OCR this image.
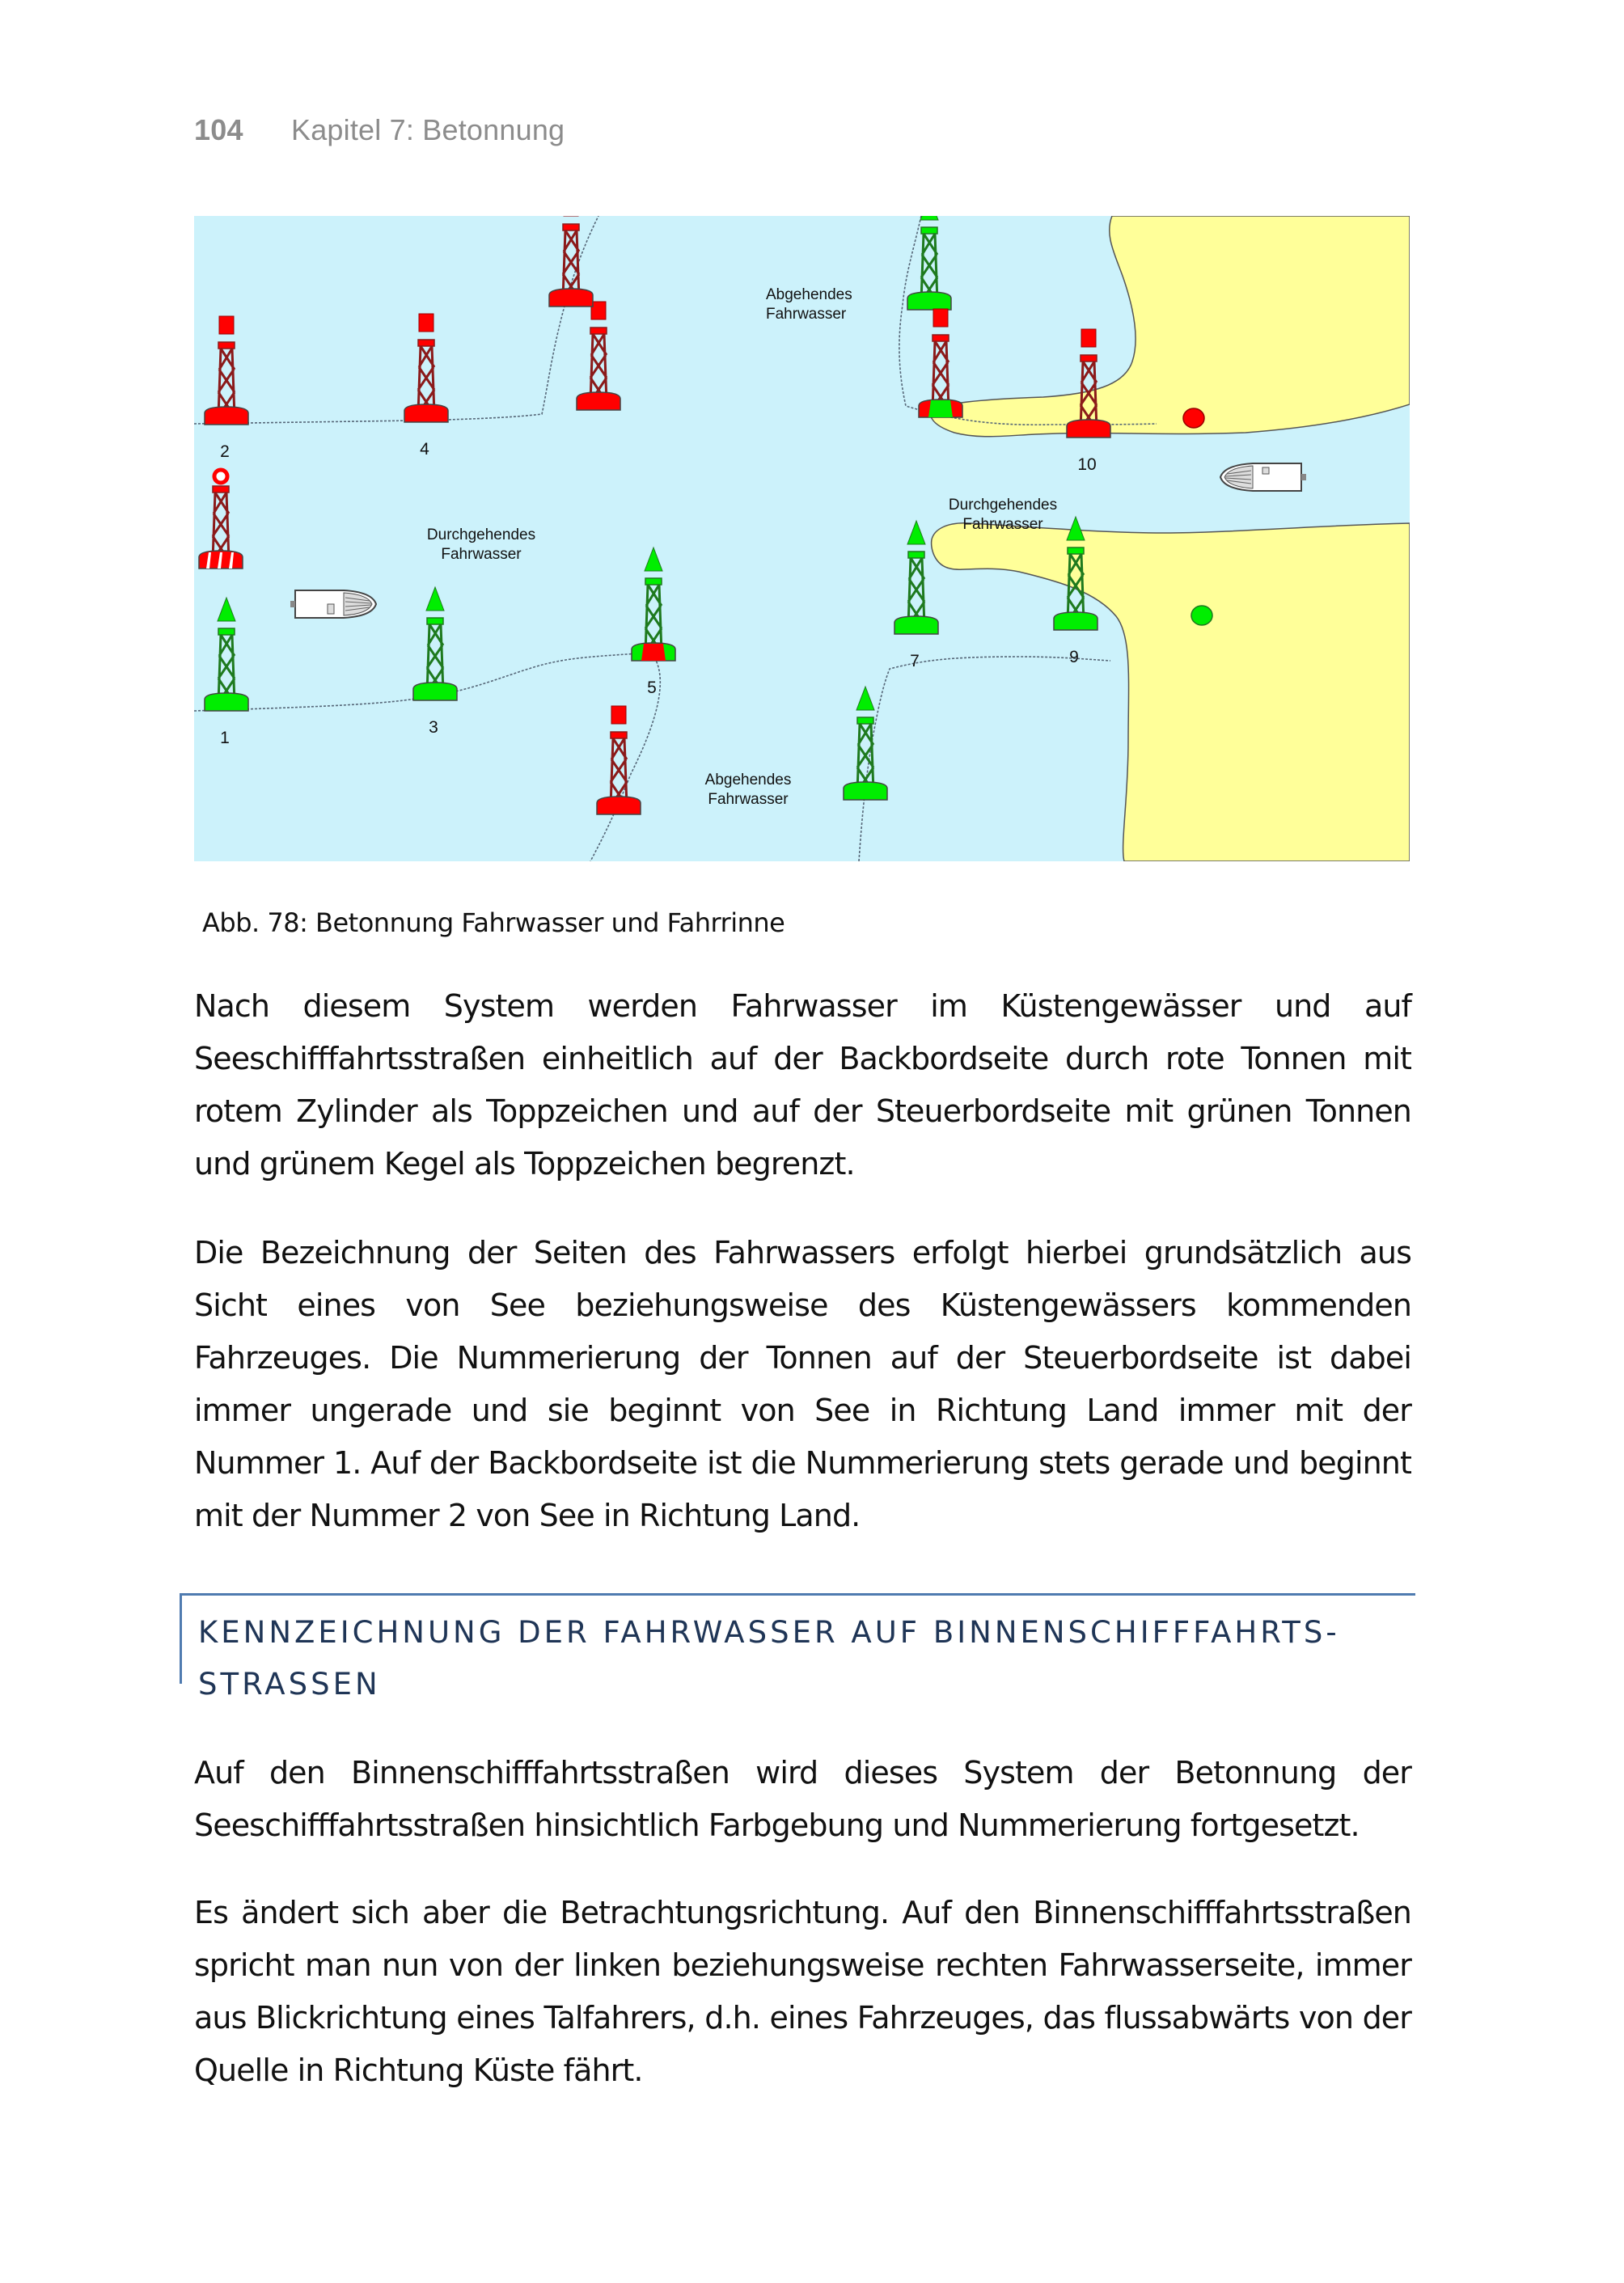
104 Kapitel 7: Betonnung
2	4
10
1
3
5
7	9
Abgehendes Fahrwasser
Durchgehendes Fahrwasser
Durchgehendes Fahrwasser
Abgehendes Fahrwasser
Abb. 78: Betonnung Fahrwasser und Fahrrinne

Nach diesem System werden Fahrwasser im Küstengewässer und auf Seeschifffahrtsstraßen einheitlich auf der Backbordseite durch rote Tonnen mit rotem Zylinder als Toppzeichen und auf der Steuerbordseite mit grünen Tonnen und grünem Kegel als Toppzeichen begrenzt.

Die Bezeichnung der Seiten des Fahrwassers erfolgt hierbei grundsätzlich aus Sicht eines von See beziehungsweise des Küstengewässers kommenden Fahrzeuges. Die Nummerierung der Tonnen auf der Steuerbordseite ist dabei immer ungerade und sie beginnt von See in Richtung Land immer mit der Nummer 1. Auf der Backbordseite ist die Nummerierung stets gerade und beginnt mit der Nummer 2 von See in Richtung Land.

KENNZEICHNUNG DER FAHRWASSER AUF BINNENSCHIFFFAHRTSSTRASSEN

Auf den Binnenschifffahrtsstraßen wird dieses System der Betonnung der Seeschifffahrtsstraßen hinsichtlich Farbgebung und Nummerierung fortgesetzt.

Es ändert sich aber die Betrachtungsrichtung. Auf den Binnenschifffahrtsstraßen spricht man nun von der linken beziehungsweise rechten Fahrwasserseite, immer aus Blickrichtung eines Talfahrers, d.h. eines Fahrzeuges, das flussabwärts von der Quelle in Richtung Küste fährt.
